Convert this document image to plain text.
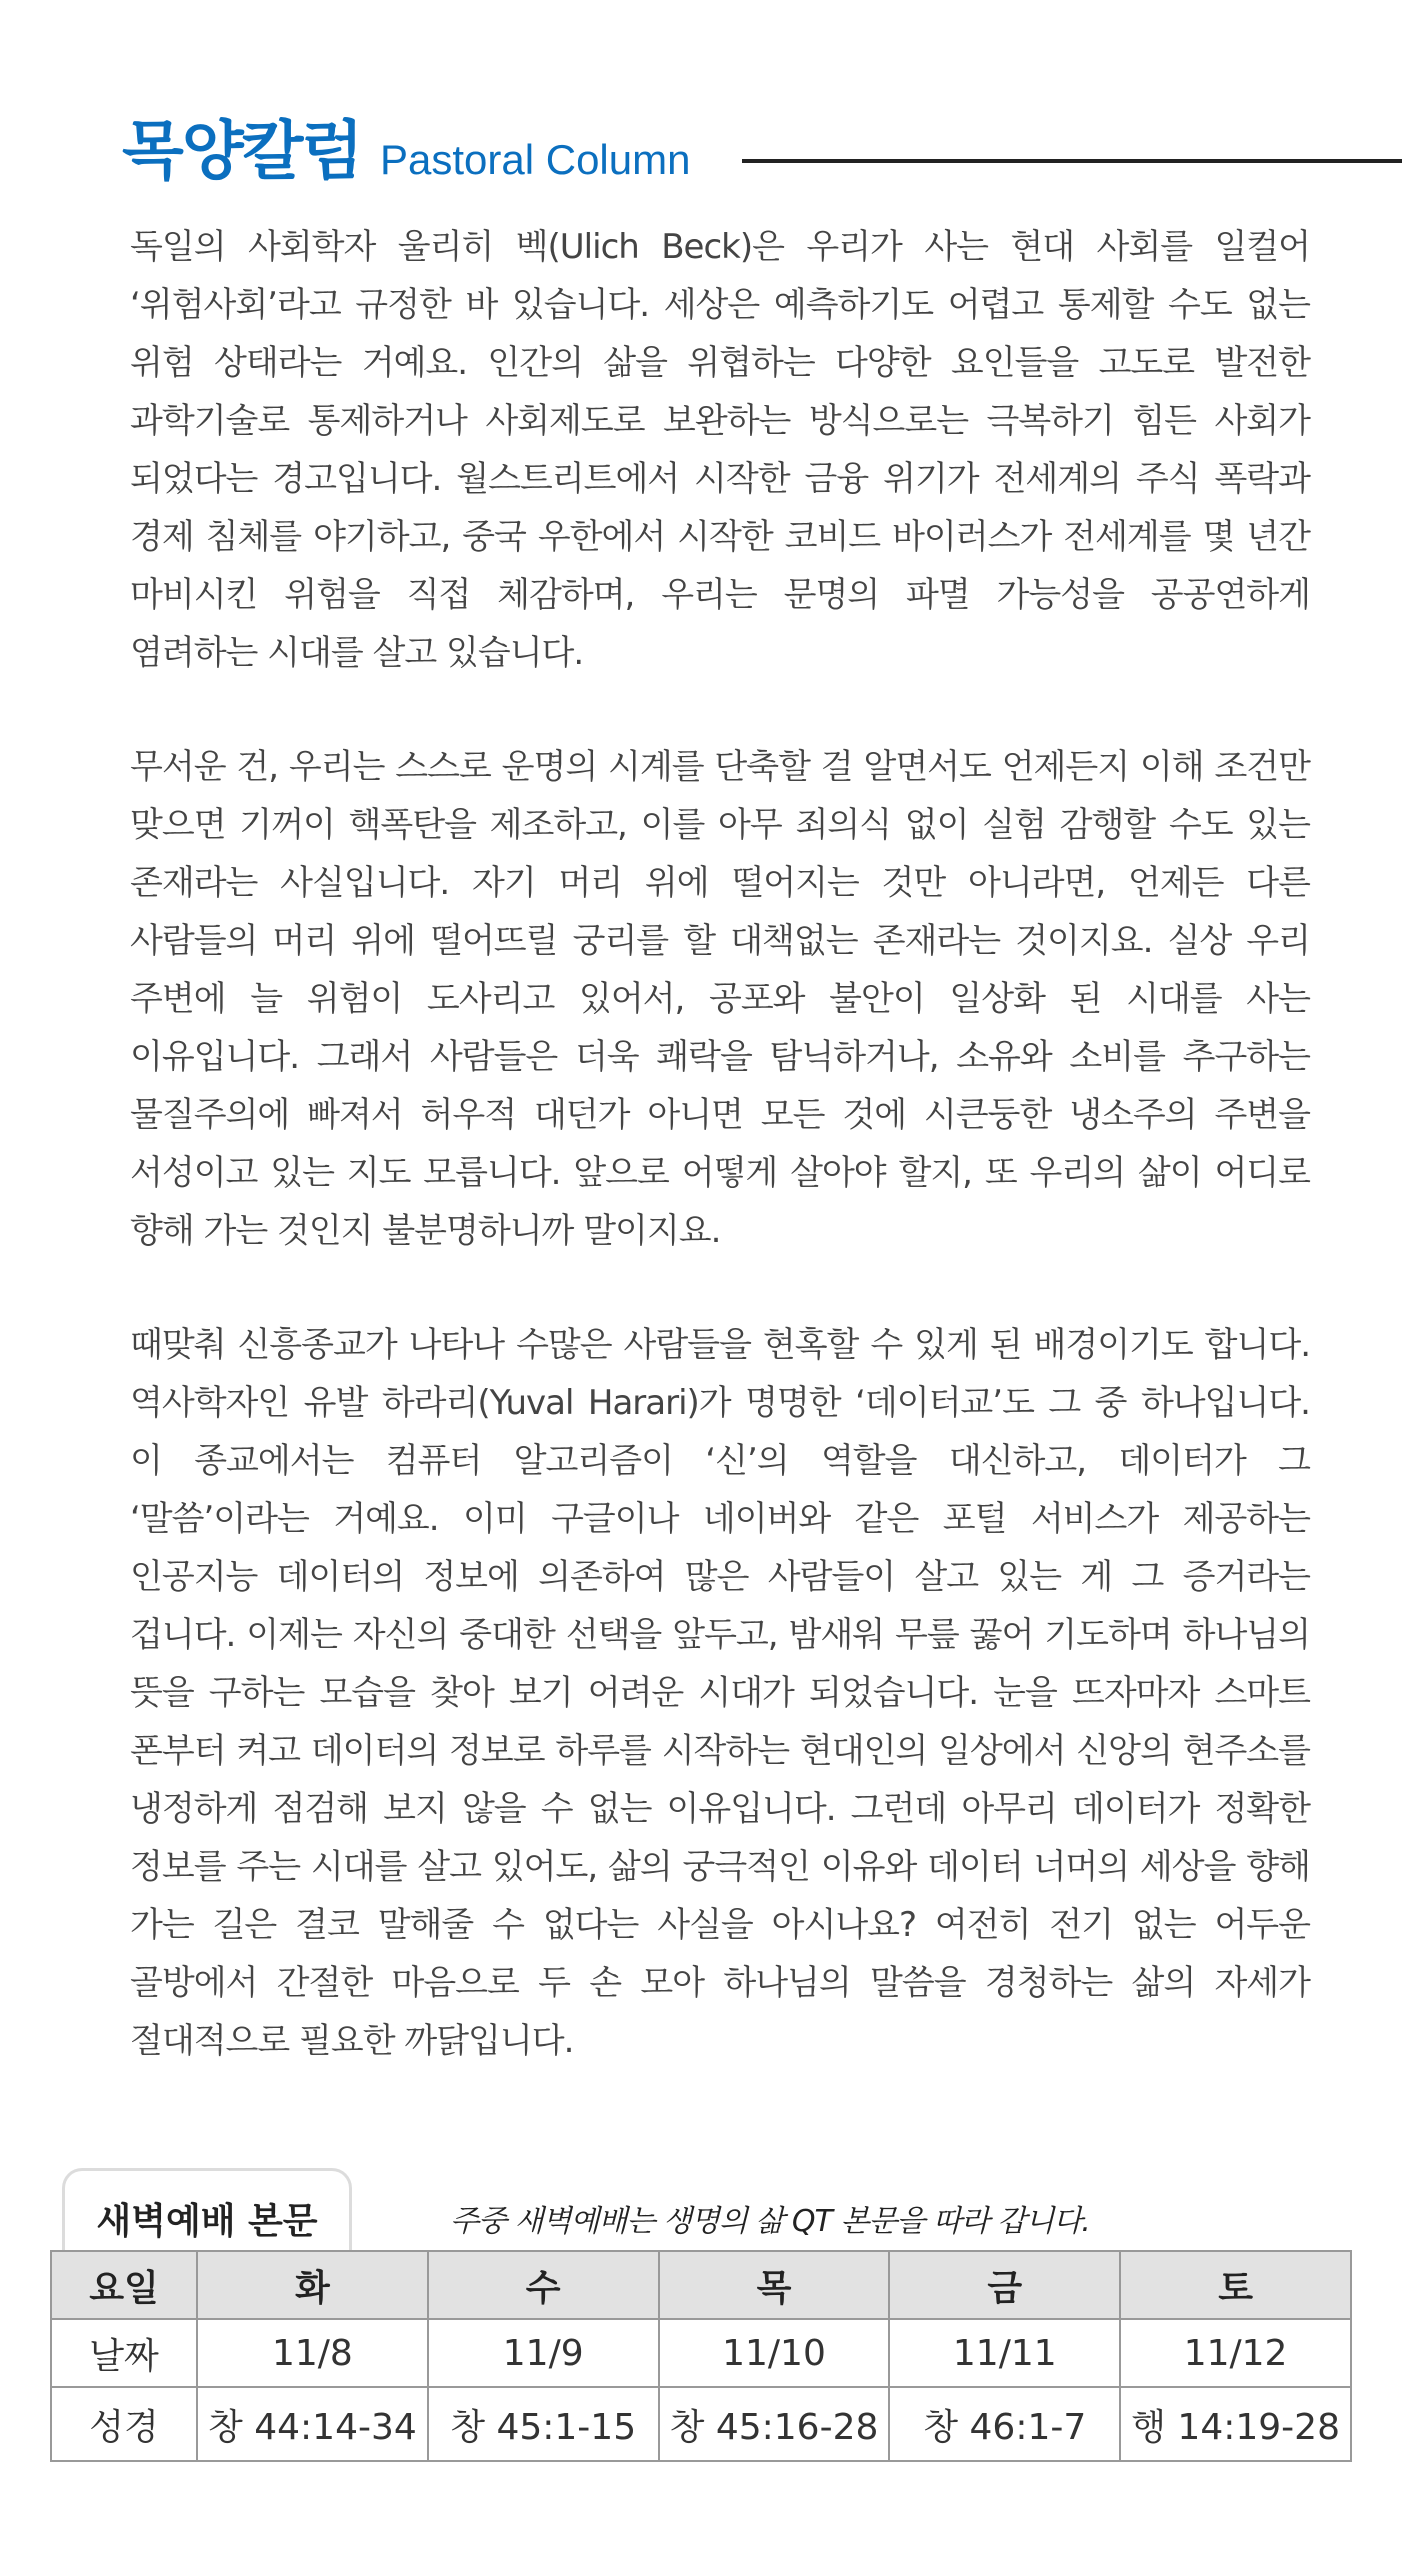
목양칼럼 Pastoral Column

독일의 사회학자 울리히 벡(Ulich Beck)은 우리가 사는 현대 사회를 일컬어 ‘위험사회’라고 규정한 바 있습니다. 세상은 예측하기도 어렵고 통제할 수도 없는 위험 상태라는 거예요. 인간의 삶을 위협하는 다양한 요인들을 고도로 발전한 과학기술로 통제하거나 사회제도로 보완하는 방식으로는 극복하기 힘든 사회가 되었다는 경고입니다. 월스트리트에서 시작한 금융 위기가 전세계의 주식 폭락과 경제 침체를 야기하고, 중국 우한에서 시작한 코비드 바이러스가 전세계를 몇 년간 마비시킨 위험을 직접 체감하며, 우리는 문명의 파멸 가능성을 공공연하게 염려하는 시대를 살고 있습니다.

무서운 건, 우리는 스스로 운명의 시계를 단축할 걸 알면서도 언제든지 이해 조건만 맞으면 기꺼이 핵폭탄을 제조하고, 이를 아무 죄의식 없이 실험 감행할 수도 있는 존재라는 사실입니다. 자기 머리 위에 떨어지는 것만 아니라면, 언제든 다른 사람들의 머리 위에 떨어뜨릴 궁리를 할 대책없는 존재라는 것이지요. 실상 우리 주변에 늘 위험이 도사리고 있어서, 공포와 불안이 일상화 된 시대를 사는 이유입니다. 그래서 사람들은 더욱 쾌락을 탐닉하거나, 소유와 소비를 추구하는 물질주의에 빠져서 허우적 대던가 아니면 모든 것에 시큰둥한 냉소주의 주변을 서성이고 있는 지도 모릅니다. 앞으로 어떻게 살아야 할지, 또 우리의 삶이 어디로 향해 가는 것인지 불분명하니까 말이지요.

때맞춰 신흥종교가 나타나 수많은 사람들을 현혹할 수 있게 된 배경이기도 합니다. 역사학자인 유발 하라리(Yuval Harari)가 명명한 ‘데이터교’도 그 중 하나입니다. 이 종교에서는 컴퓨터 알고리즘이 ‘신’의 역할을 대신하고, 데이터가 그 ‘말씀’이라는 거예요. 이미 구글이나 네이버와 같은 포털 서비스가 제공하는 인공지능 데이터의 정보에 의존하여 많은 사람들이 살고 있는 게 그 증거라는 겁니다. 이제는 자신의 중대한 선택을 앞두고, 밤새워 무릎 꿇어 기도하며 하나님의 뜻을 구하는 모습을 찾아 보기 어려운 시대가 되었습니다. 눈을 뜨자마자 스마트 폰부터 켜고 데이터의 정보로 하루를 시작하는 현대인의 일상에서 신앙의 현주소를 냉정하게 점검해 보지 않을 수 없는 이유입니다. 그런데 아무리 데이터가 정확한 정보를 주는 시대를 살고 있어도, 삶의 궁극적인 이유와 데이터 너머의 세상을 향해 가는 길은 결코 말해줄 수 없다는 사실을 아시나요? 여전히 전기 없는 어두운 골방에서 간절한 마음으로 두 손 모아 하나님의 말씀을 경청하는 삶의 자세가 절대적으로 필요한 까닭입니다.

새벽예배 본문	주중 새벽예배는 생명의 삶 QT 본문을 따라 갑니다.
요일	화	수	목	금	토
날짜	11/8	11/9	11/10	11/11	11/12
성경	창 44:14-34	창 45:1-15	창 45:16-28	창 46:1-7	행 14:19-28
